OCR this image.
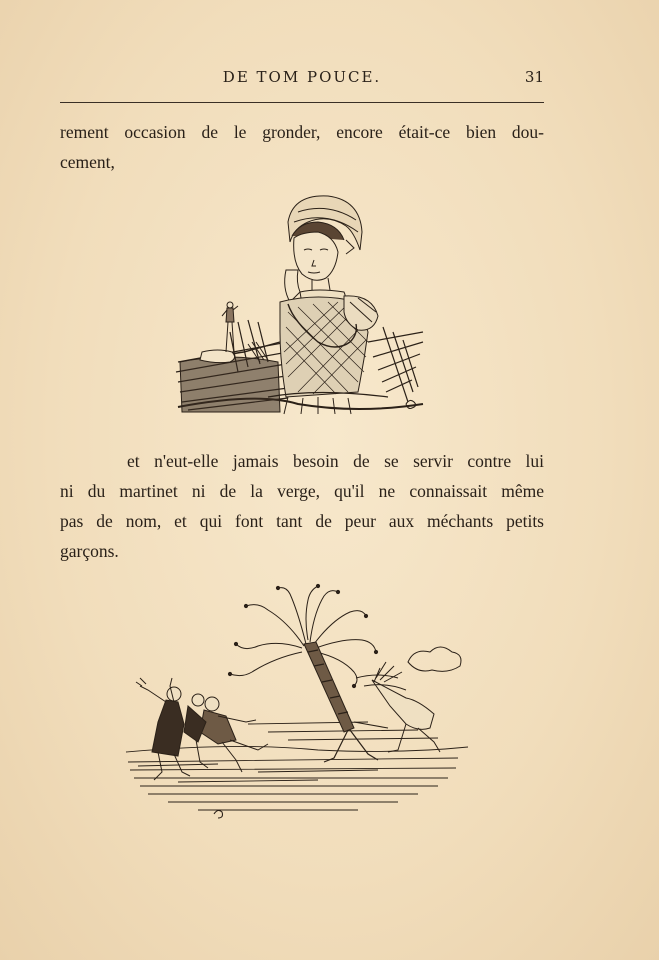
DE TOM POUCE.	31
rement occasion de le gronder, encore était-ce bien dou-
cement,
et n'eut-elle jamais besoin de se servir contre lui
ni du martinet ni de la verge, qu'il ne connaissait même
pas de nom, et qui font tant de peur aux méchants petits
garçons.
